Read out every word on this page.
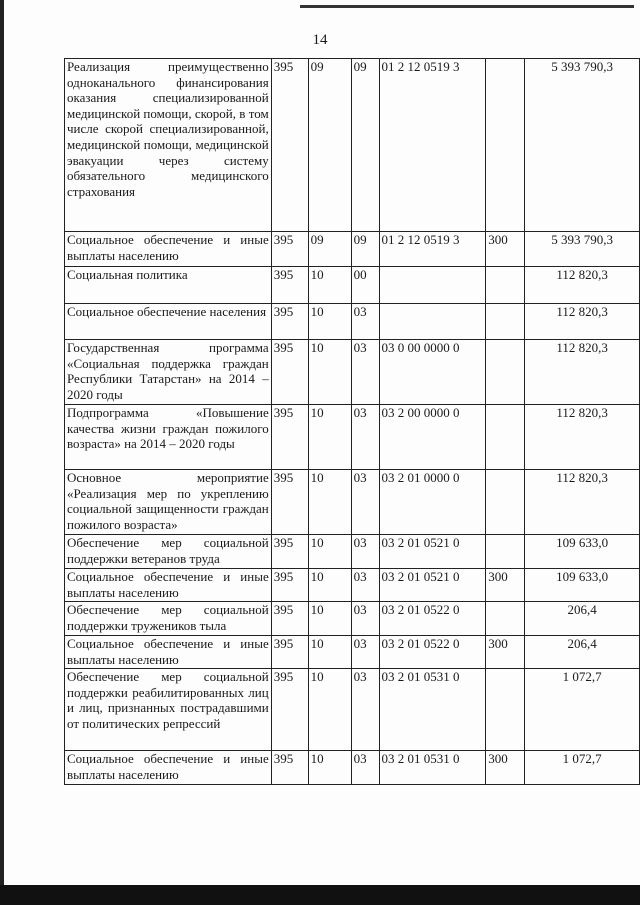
14
Реализация преимущественно одноканального финансирования оказания специализированной медицинской помощи, скорой, в том числе скорой специализированной, медицинской помощи, медицинской эвакуации через систему обязательного медицинского страхования	395	09	09	01 2 12 0519 3		5 393 790,3
Социальное обеспечение и иные выплаты населению	395	09	09	01 2 12 0519 3	300	5 393 790,3
Социальная политика	395	10	00			112 820,3
Социальное обеспечение населения	395	10	03			112 820,3
Государственная программа «Социальная поддержка граждан Республики Татарстан» на 2014 – 2020 годы	395	10	03	03 0 00 0000 0		112 820,3
Подпрограмма «Повышение качества жизни граждан пожилого возраста» на 2014 – 2020 годы	395	10	03	03 2 00 0000 0		112 820,3
Основное мероприятие «Реализация мер по укреплению социальной защищенности граждан пожилого возраста»	395	10	03	03 2 01 0000 0		112 820,3
Обеспечение мер социальной поддержки ветеранов труда	395	10	03	03 2 01 0521 0		109 633,0
Социальное обеспечение и иные выплаты населению	395	10	03	03 2 01 0521 0	300	109 633,0
Обеспечение мер социальной поддержки тружеников тыла	395	10	03	03 2 01 0522 0		206,4
Социальное обеспечение и иные выплаты населению	395	10	03	03 2 01 0522 0	300	206,4
Обеспечение мер социальной поддержки реабилитированных лиц и лиц, признанных пострадавшими от политических репрессий	395	10	03	03 2 01 0531 0		1 072,7
Социальное обеспечение и иные выплаты населению	395	10	03	03 2 01 0531 0	300	1 072,7
